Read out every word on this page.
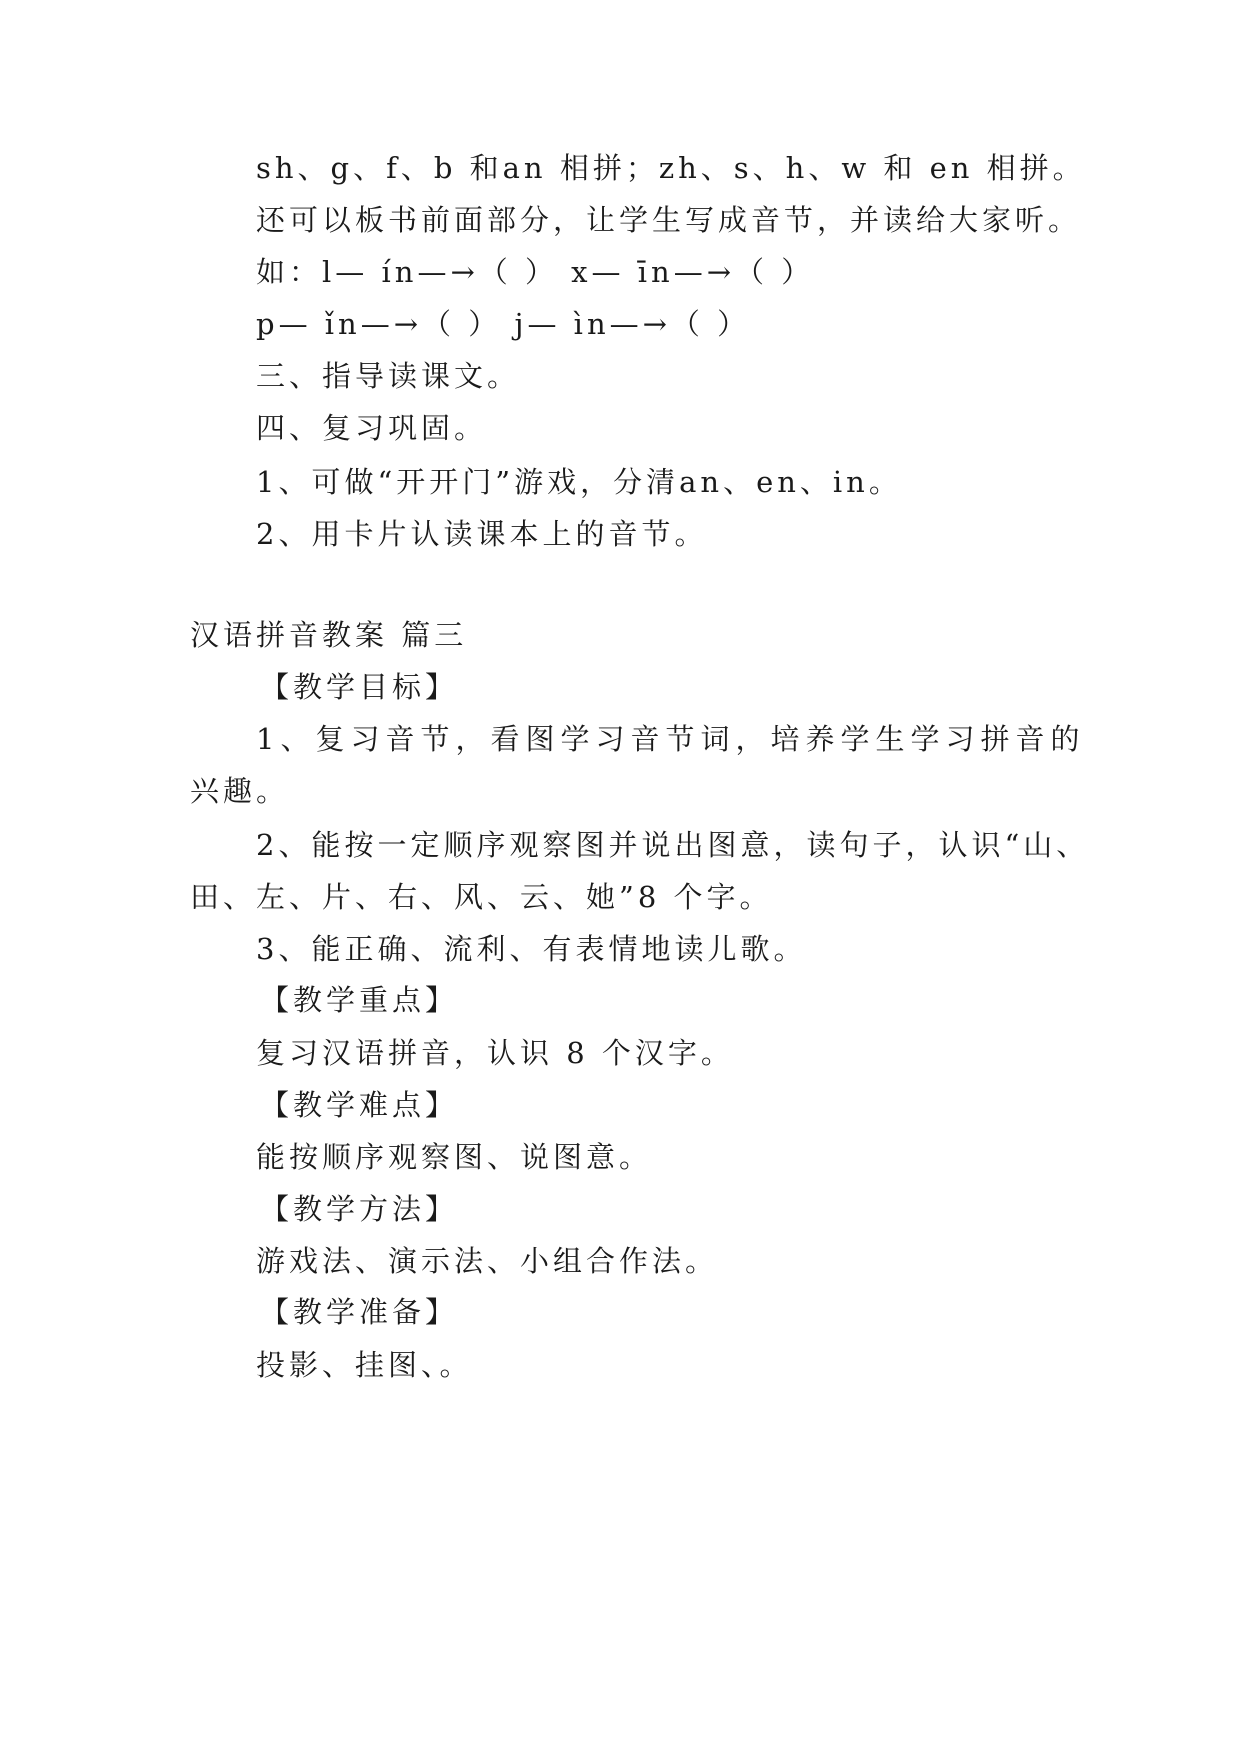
sh、g、f、b 和an 相拼；zh、s、h、w 和 en 相拼。
还可以板书前面部分，让学生写成音节，并读给大家听。
如：l— ín—→（ ） x— īn—→（ ）
p— ǐn—→（ ） j— ìn—→（ ）
三、指导读课文。
四、复习巩固。
1、可做“开开门”游戏，分清an、en、in。
2、用卡片认读课本上的音节。
汉语拼音教案 篇三
【教学目标】
1、复习音节，看图学习音节词，培养学生学习拼音的
兴趣。
2、能按一定顺序观察图并说出图意，读句子，认识“山、
田、左、片、右、风、云、她”8 个字。
3、能正确、流利、有表情地读儿歌。
【教学重点】
复习汉语拼音，认识 8 个汉字。
【教学难点】
能按顺序观察图、说图意。
【教学方法】
游戏法、演示法、小组合作法。
【教学准备】
投影、挂图、。
